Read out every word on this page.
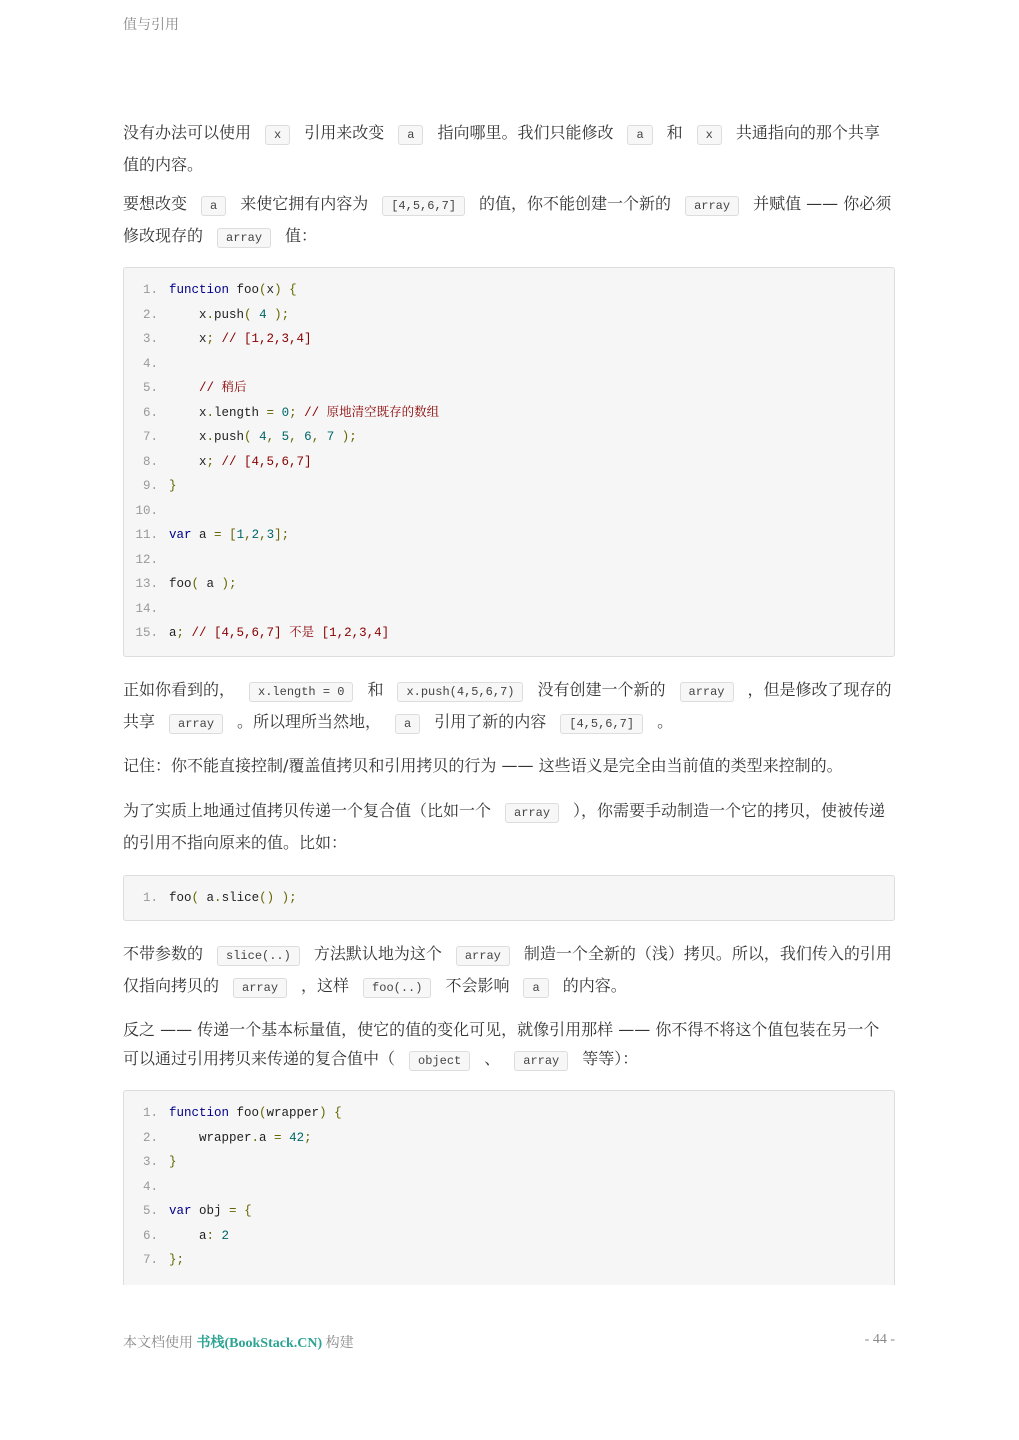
值与引用

没有办法可以使用 x 引用来改变 a 指向哪里。我们只能修改 a 和 x 共通指向的那个共享值的内容。

要想改变 a 来使它拥有内容为 [4,5,6,7] 的值，你不能创建一个新的 array 并赋值 —— 你必须修改现存的 array 值：

1. function foo(x) {
2. x.push( 4 );
3. x; // [1,2,3,4]
4.
5.	// 稍后
6. x.length = 0; // 原地清空既存的数组
7. x.push( 4, 5, 6, 7 );
8. x; // [4,5,6,7]
9. }
10.
11. var a = [1,2,3];
12.
13. foo( a );
14.
15. a; // [4,5,6,7] 不是 [1,2,3,4]

正如你看到的， x.length = 0 和 x.push(4,5,6,7) 没有创建一个新的 array ，但是修改了现存的共享 array 。所以理所当然地， a 引用了新的内容 [4,5,6,7] 。

记住：你不能直接控制/覆盖值拷贝和引用拷贝的行为 —— 这些语义是完全由当前值的类型来控制的。

为了实质上地通过值拷贝传递一个复合值（比如一个 array ），你需要手动制造一个它的拷贝，使被传递的引用不指向原来的值。比如：

1. foo( a.slice() );

不带参数的 slice(..) 方法默认地为这个 array 制造一个全新的（浅）拷贝。所以，我们传入的引用仅指向拷贝的 array ，这样 foo(..) 不会影响 a 的内容。

反之 —— 传递一个基本标量值，使它的值的变化可见，就像引用那样 —— 你不得不将这个值包装在另一个可以通过引用拷贝来传递的复合值中（ object 、 array 等等）：

1. function foo(wrapper) {
2. wrapper.a = 42;
3. }
4.
5. var obj = {
6. a: 2
7. };
本文档使用 书栈(BookStack.CN) 构建	- 44 -
